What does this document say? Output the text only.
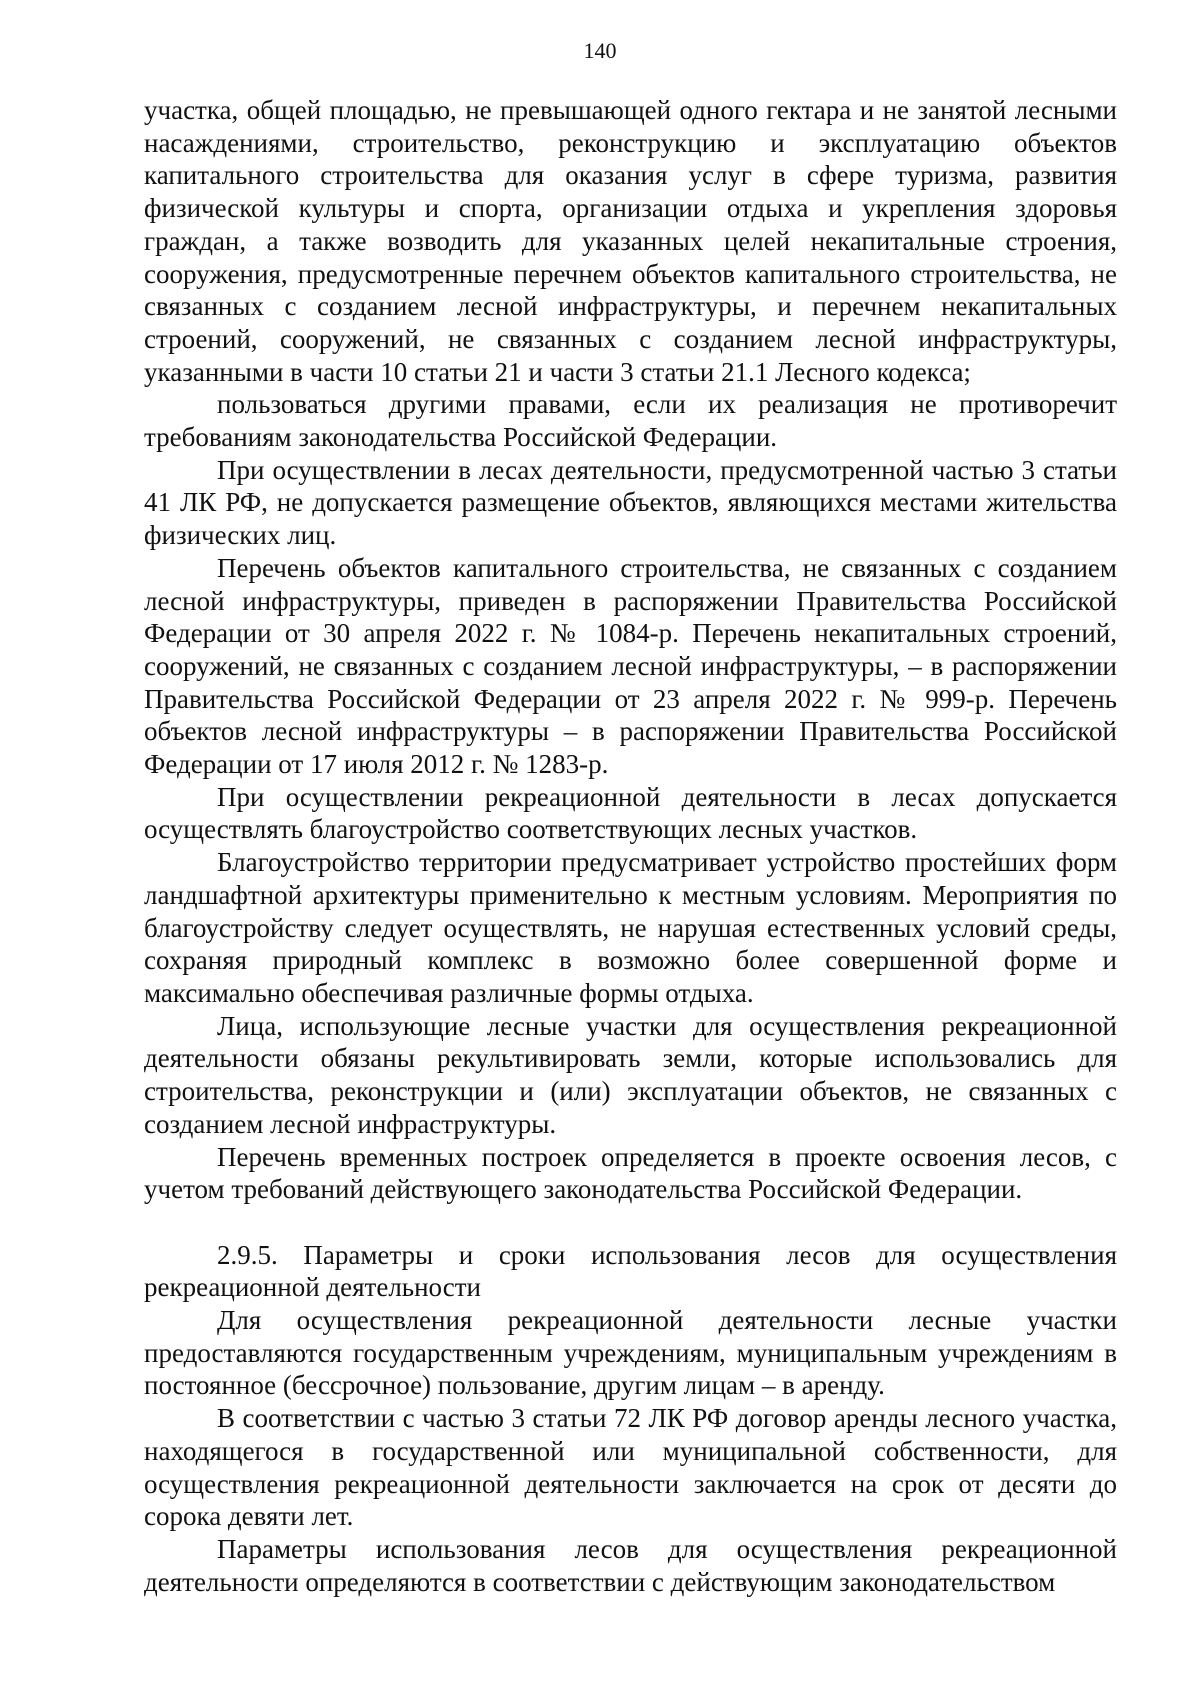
140

участка, общей площадью, не превышающей одного гектара и не занятой лесными насаждениями, строительство, реконструкцию и эксплуатацию объектов капитального строительства для оказания услуг в сфере туризма, развития физической культуры и спорта, организации отдыха и укрепления здоровья граждан, а также возводить для указанных целей некапитальные строения, сооружения, предусмотренные перечнем объектов капитального строительства, не связанных с созданием лесной инфраструктуры, и перечнем некапитальных строений, сооружений, не связанных с созданием лесной инфраструктуры, указанными в части 10 статьи 21 и части 3 статьи 21.1 Лесного кодекса;

пользоваться другими правами, если их реализация не противоречит требованиям законодательства Российской Федерации.

При осуществлении в лесах деятельности, предусмотренной частью 3 статьи 41 ЛК РФ, не допускается размещение объектов, являющихся местами жительства физических лиц.

Перечень объектов капитального строительства, не связанных с созданием лесной инфраструктуры, приведен в распоряжении Правительства Российской Федерации от 30 апреля 2022 г. № 1084-р. Перечень некапитальных строений, сооружений, не связанных с созданием лесной инфраструктуры, – в распоряжении Правительства Российской Федерации от 23 апреля 2022 г. № 999-р. Перечень объектов лесной инфраструктуры – в распоряжении Правительства Российской Федерации от 17 июля 2012 г. № 1283-р.

При осуществлении рекреационной деятельности в лесах допускается осуществлять благоустройство соответствующих лесных участков.

Благоустройство территории предусматривает устройство простейших форм ландшафтной архитектуры применительно к местным условиям. Мероприятия по благоустройству следует осуществлять, не нарушая естественных условий среды, сохраняя природный комплекс в возможно более совершенной форме и максимально обеспечивая различные формы отдыха.

Лица, использующие лесные участки для осуществления рекреационной деятельности обязаны рекультивировать земли, которые использовались для строительства, реконструкции и (или) эксплуатации объектов, не связанных с созданием лесной инфраструктуры.

Перечень временных построек определяется в проекте освоения лесов, с учетом требований действующего законодательства Российской Федерации.

2.9.5. Параметры и сроки использования лесов для осуществления рекреационной деятельности

Для осуществления рекреационной деятельности лесные участки предоставляются государственным учреждениям, муниципальным учреждениям в постоянное (бессрочное) пользование, другим лицам – в аренду.

В соответствии с частью 3 статьи 72 ЛК РФ договор аренды лесного участка, находящегося в государственной или муниципальной собственности, для осуществления рекреационной деятельности заключается на срок от десяти до сорока девяти лет.

Параметры использования лесов для осуществления рекреационной деятельности определяются в соответствии с действующим законодательством
